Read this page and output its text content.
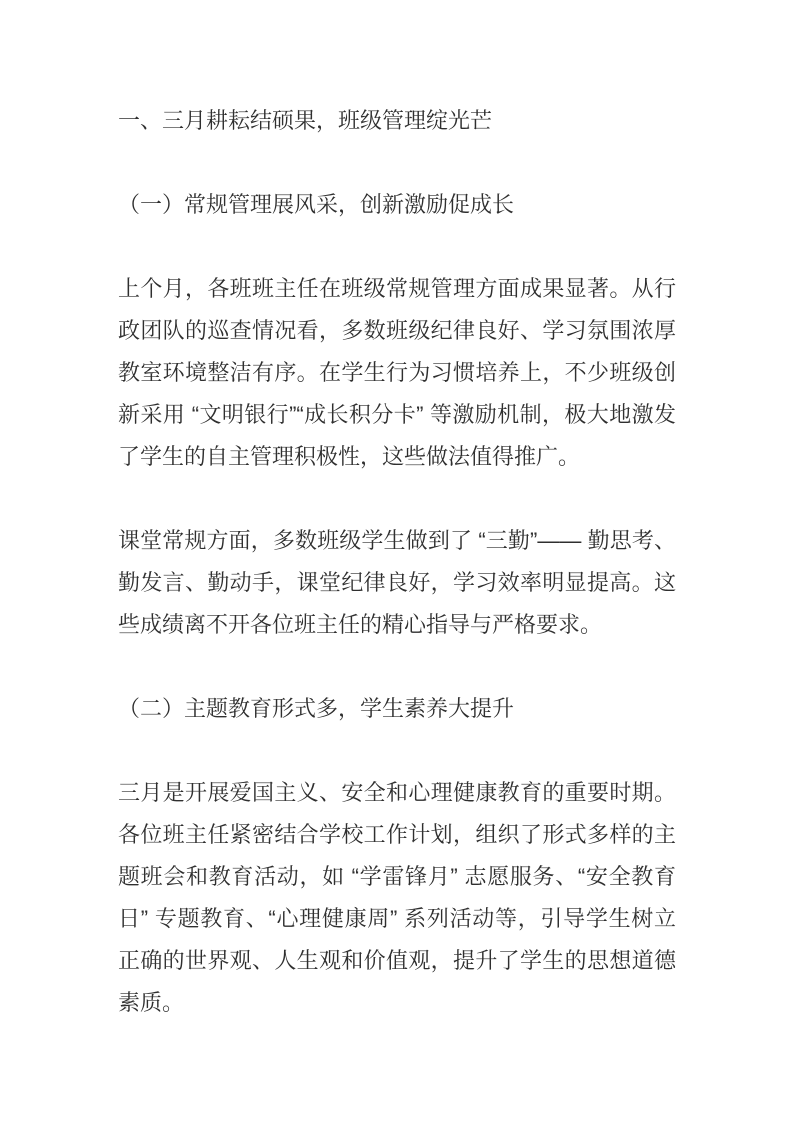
一、三月耕耘结硕果，班级管理绽光芒
（一）常规管理展风采，创新激励促成长

上个月，各班班主任在班级常规管理方面成果显著。从行政团队的巡查情况看，多数班级纪律良好、学习氛围浓厚教室环境整洁有序。在学生行为习惯培养上，不少班级创新采用 “文明银行”“成长积分卡” 等激励机制，极大地激发了学生的自主管理积极性，这些做法值得推广。

课堂常规方面，多数班级学生做到了 “三勤”—— 勤思考、勤发言、勤动手，课堂纪律良好，学习效率明显提高。这些成绩离不开各位班主任的精心指导与严格要求。

（二）主题教育形式多，学生素养大提升

三月是开展爱国主义、安全和心理健康教育的重要时期。各位班主任紧密结合学校工作计划，组织了形式多样的主题班会和教育活动，如 “学雷锋月” 志愿服务、“安全教育日” 专题教育、“心理健康周” 系列活动等，引导学生树立正确的世界观、人生观和价值观，提升了学生的思想道德素质。
